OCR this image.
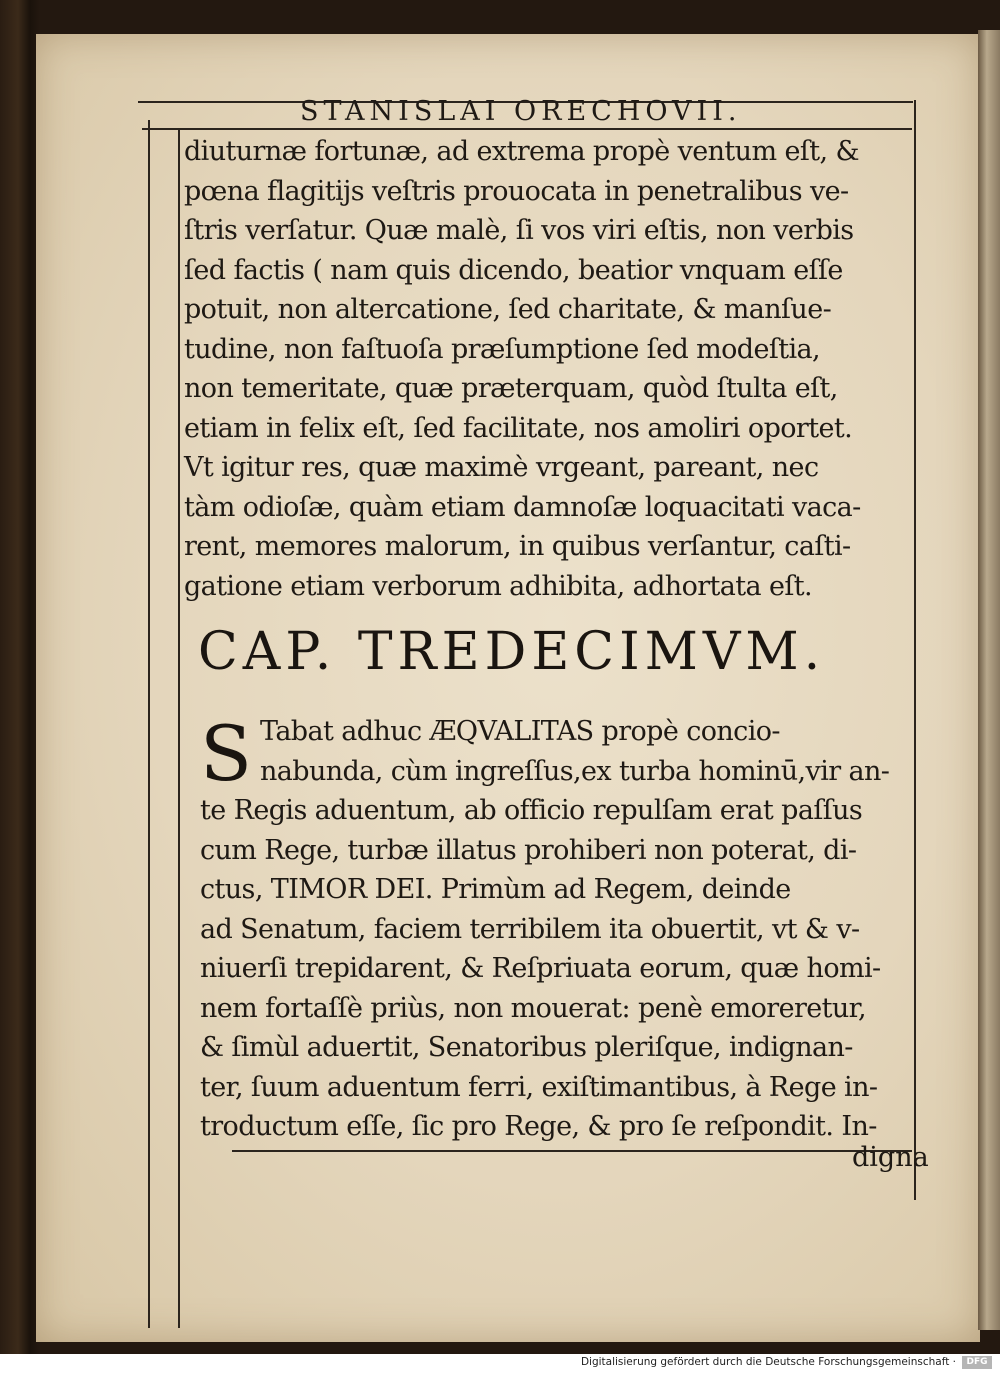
STANISLAI ORECHOVII.
diuturnæ fortunæ, ad extrema propè ventum eſt, &
pœna flagitijs veſtris prouocata in penetralibus ve-
ſtris verſatur. Quæ malè, ſi vos viri eſtis, non verbis
ſed factis ( nam quis dicendo, beatior vnquam eſſe
potuit, non altercatione, ſed charitate, & manſue-
tudine, non faſtuoſa præſumptione ſed modeſtia,
non temeritate, quæ præterquam, quòd ſtulta eſt,
etiam in felix eſt, ſed facilitate, nos amoliri oportet.
Vt igitur res, quæ maximè vrgeant, pareant, nec
tàm odioſæ, quàm etiam damnoſæ loquacitati vaca-
rent, memores malorum, in quibus verſantur, caſti-
gatione etiam verborum adhibita, adhortata eſt.
CAP. TREDECIMVM.
S Tabat adhuc ÆQVALITAS propè concio-
nabunda, cùm ingreſſus,ex turba hominū,vir an-
te Regis aduentum, ab officio repulſam erat paſſus
cum Rege, turbæ illatus prohiberi non poterat, di-
ctus, TIMOR DEI. Primùm ad Regem, deinde
ad Senatum, faciem terribilem ita obuertit, vt & v-
niuerſi trepidarent, & Reſpriuata eorum, quæ homi-
nem fortaſſè priùs, non mouerat: penè emoreretur,
& ſimùl aduertit, Senatoribus pleriſque, indignan-
ter, ſuum aduentum ferri, exiſtimantibus, à Rege in-
troductum eſſe, ſic pro Rege, & pro ſe reſpondit. In-
digna
Digitalisierung gefördert durch die Deutsche Forschungsgemeinschaft ·	DFG
